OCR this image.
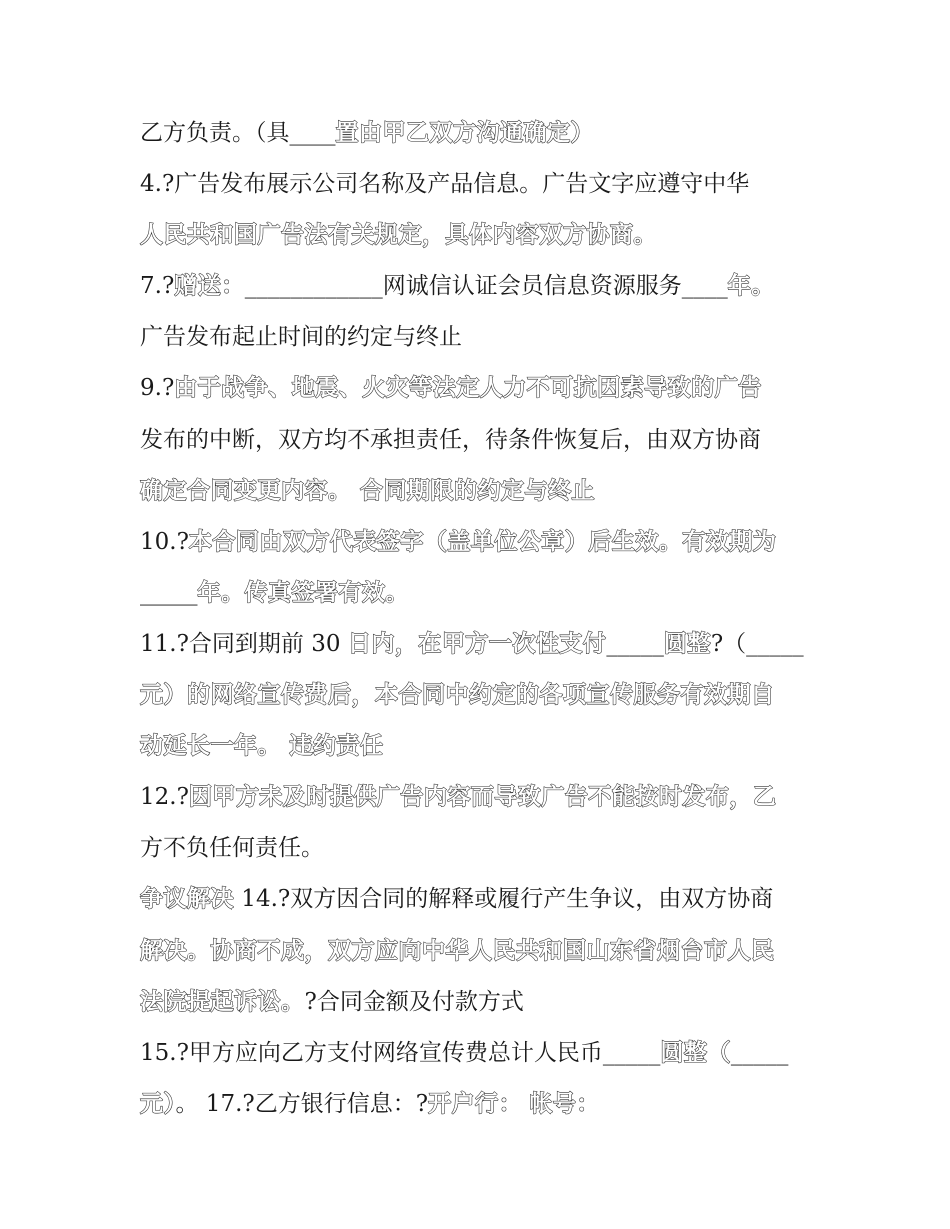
乙方负责。（具____置由甲乙双方沟通确定）
4.?广告发布展示公司名称及产品信息。广告文字应遵守中华
人民共和国广告法有关规定，具体内容双方协商。
7.?赠送：____________网诚信认证会员信息资源服务____年。
广告发布起止时间的约定与终止
9.?由于战争、地震、火灾等法定人力不可抗因素导致的广告
发布的中断，双方均不承担责任，待条件恢复后，由双方协商
确定合同变更内容。 合同期限的约定与终止
10.?本合同由双方代表签字（盖单位公章）后生效。有效期为
_____年。传真签署有效。
11.?合同到期前 30 日内，在甲方一次性支付_____圆整?（_____
元）的网络宣传费后，本合同中约定的各项宣传服务有效期自
动延长一年。 违约责任
12.?因甲方未及时提供广告内容而导致广告不能按时发布，乙
方不负任何责任。
争议解决 14.?双方因合同的解释或履行产生争议，由双方协商
解决。协商不成，双方应向中华人民共和国山东省烟台市人民
法院提起诉讼。?合同金额及付款方式
15.?甲方应向乙方支付网络宣传费总计人民币_____圆整（_____
元）。 17.?乙方银行信息：?开户行： 帐号：
